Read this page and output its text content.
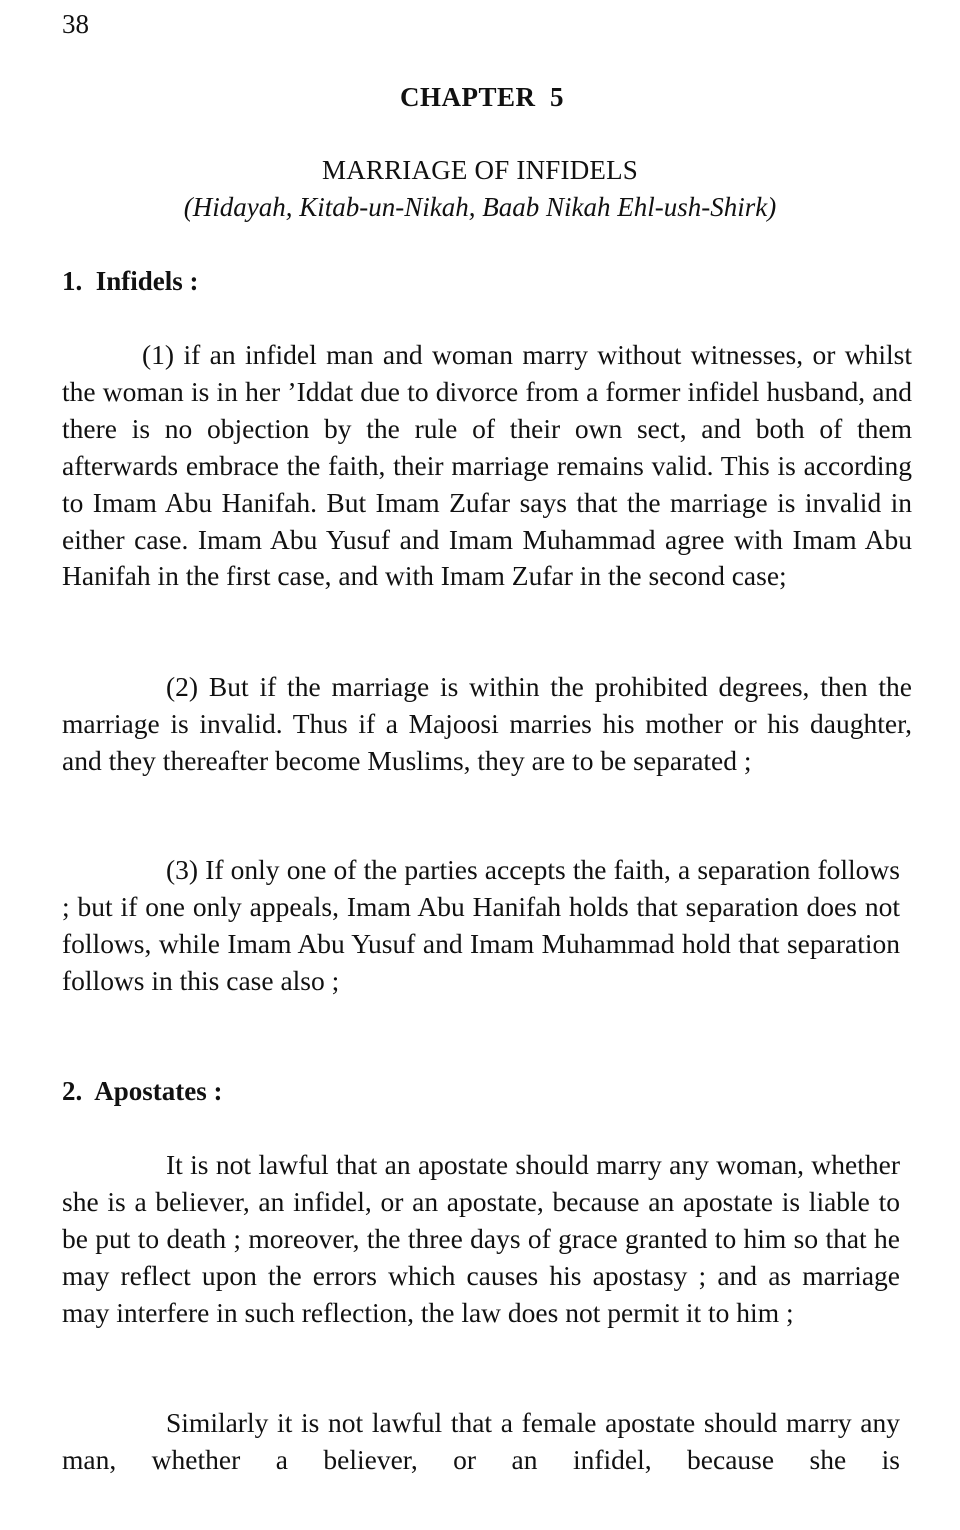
38
CHAPTER  5
MARRIAGE OF INFIDELS
(Hidayah, Kitab-un-Nikah, Baab Nikah Ehl-ush-Shirk)
1.  Infidels :

(1) if an infidel man and woman marry without witnesses, or whilst the woman is in her ’Iddat due to divorce from a former infidel husband, and there is no objection by the rule of their own sect, and both of them afterwards embrace the faith, their marriage remains valid. This is according to Imam Abu Hanifah. But Imam Zufar says that the marriage is invalid in either case. Imam Abu Yusuf and Imam Muhammad agree with Imam Abu Hanifah in the first case, and with Imam Zufar in the second case;

(2) But if the marriage is within the prohibited degrees, then the marriage is invalid. Thus if a Majoosi marries his mother or his daughter, and they thereafter become Muslims, they are to be separated ;

(3) If only one of the parties accepts the faith, a separation follows ; but if one only appeals, Imam Abu Hanifah holds that separation does not follows, while Imam Abu Yusuf and Imam Muhammad hold that separation follows in this case also ;

2.  Apostates :

It is not lawful that an apostate should marry any woman, whether she is a believer, an infidel, or an apostate, because an apostate is liable to be put to death ; moreover, the three days of grace granted to him so that he may reflect upon the errors which causes his apostasy ; and as marriage may interfere in such reflection, the law does not permit it to him ;

Similarly it is not lawful that a female apostate should marry any man, whether a believer, or an infidel, because she is
